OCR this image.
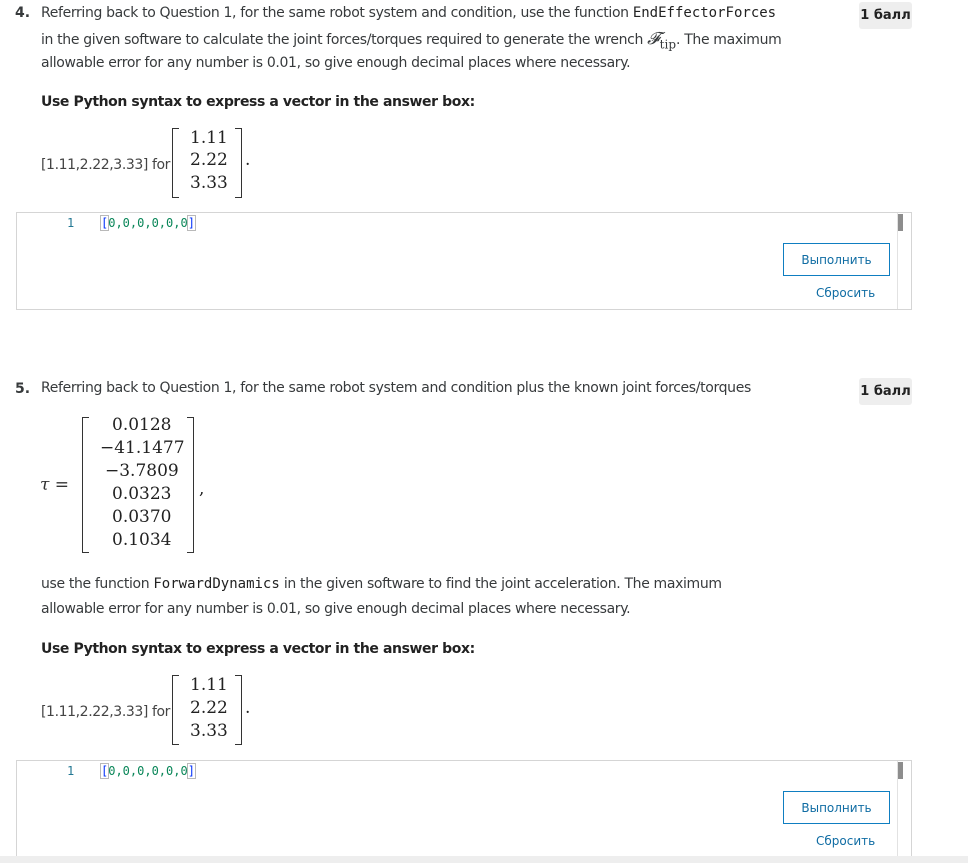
4.	1 балл
Referring back to Question 1, for the same robot system and condition, use the function EndEffectorForces
in the given software to calculate the joint forces/torques required to generate the wrench 𝓕$_{tip}$. The maximum
allowable error for any number is 0.01, so give enough decimal places where necessary.
Use Python syntax to express a vector in the answer box:
[1.11,2.22,3.33] for
1.11
2.22
3.33
.
1 [0,0,0,0,0,0]
Выполнить
Сбросить
5.	1 балл
Referring back to Question 1, for the same robot system and condition plus the known joint forces/torques
τ =
0.0128
−41.1477
−3.7809
0.0323
0.0370
0.1034
,
use the function ForwardDynamics in the given software to find the joint acceleration. The maximum
allowable error for any number is 0.01, so give enough decimal places where necessary.
Use Python syntax to express a vector in the answer box:
[1.11,2.22,3.33] for
1.11
2.22
3.33
.
1 [0,0,0,0,0,0]
Выполнить
Сбросить
